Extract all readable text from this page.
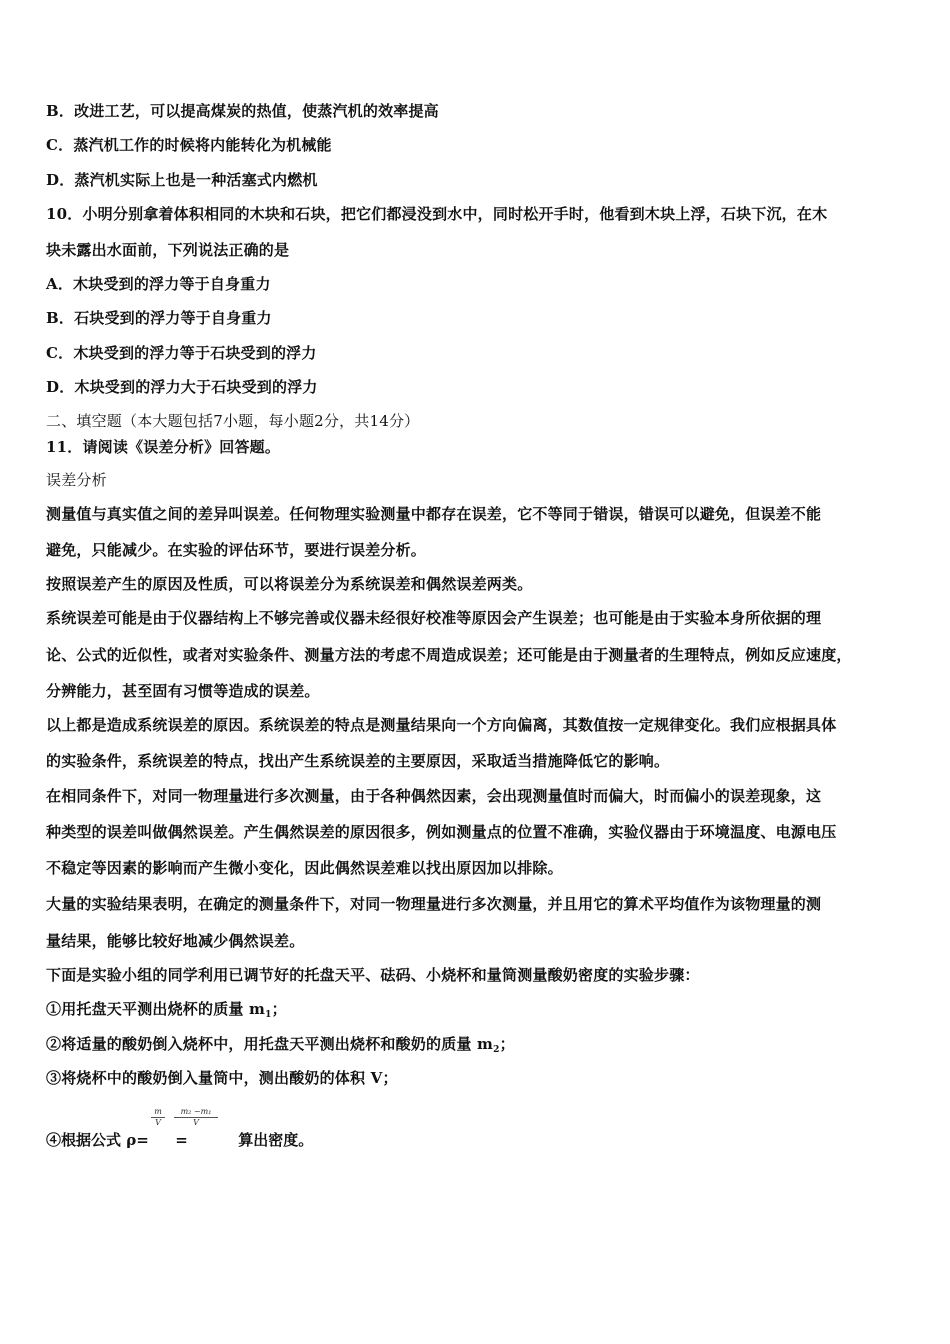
B．改进工艺，可以提高煤炭的热值，使蒸汽机的效率提高
C．蒸汽机工作的时候将内能转化为机械能
D．蒸汽机实际上也是一种活塞式内燃机
10．小明分别拿着体积相同的木块和石块，把它们都浸没到水中，同时松开手时，他看到木块上浮，石块下沉，在木
块未露出水面前，下列说法正确的是
A．木块受到的浮力等于自身重力
B．石块受到的浮力等于自身重力
C．木块受到的浮力等于石块受到的浮力
D．木块受到的浮力大于石块受到的浮力
二、填空题（本大题包括7小题，每小题2分，共14分）
11．请阅读《误差分析》回答题。
误差分析
测量值与真实值之间的差异叫误差。任何物理实验测量中都存在误差，它不等同于错误，错误可以避免，但误差不能
避免，只能减少。在实验的评估环节，要进行误差分析。
按照误差产生的原因及性质，可以将误差分为系统误差和偶然误差两类。
系统误差可能是由于仪器结构上不够完善或仪器未经很好校准等原因会产生误差；也可能是由于实验本身所依据的理
论、公式的近似性，或者对实验条件、测量方法的考虑不周造成误差；还可能是由于测量者的生理特点，例如反应速度，
分辨能力，甚至固有习惯等造成的误差。
以上都是造成系统误差的原因。系统误差的特点是测量结果向一个方向偏离，其数值按一定规律变化。我们应根据具体
的实验条件，系统误差的特点，找出产生系统误差的主要原因，采取适当措施降低它的影响。
在相同条件下，对同一物理量进行多次测量，由于各种偶然因素，会出现测量值时而偏大，时而偏小的误差现象，这
种类型的误差叫做偶然误差。产生偶然误差的原因很多，例如测量点的位置不准确，实验仪器由于环境温度、电源电压
不稳定等因素的影响而产生微小变化，因此偶然误差难以找出原因加以排除。
大量的实验结果表明，在确定的测量条件下，对同一物理量进行多次测量，并且用它的算术平均值作为该物理量的测
量结果，能够比较好地减少偶然误差。
下面是实验小组的同学利用已调节好的托盘天平、砝码、小烧杯和量筒测量酸奶密度的实验步骤：
①用托盘天平测出烧杯的质量 $m_1$；
②将适量的酸奶倒入烧杯中，用托盘天平测出烧杯和酸奶的质量 $m_2$；
③将烧杯中的酸奶倒入量筒中，测出酸奶的体积 V；
④根据公式 ρ= =	算出密度。
$\frac{m}{V} \frac{\text{m₂ −m₁}}{V}$
